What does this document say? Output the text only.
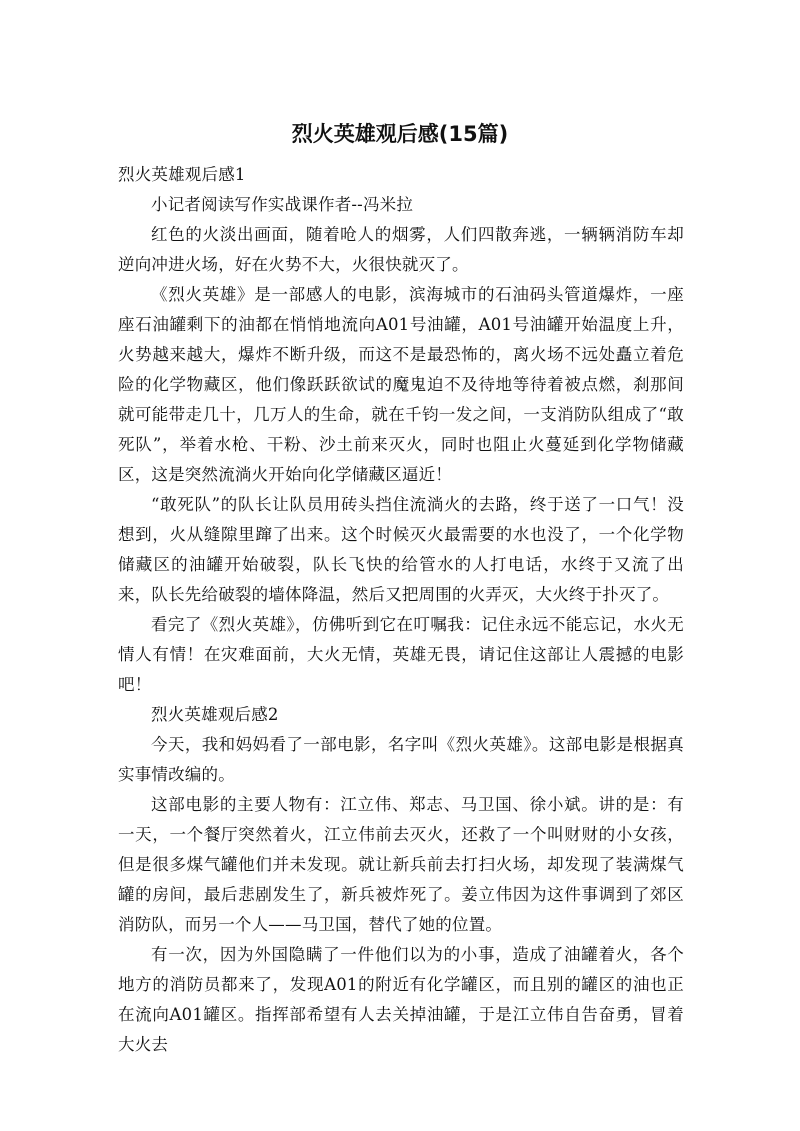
烈火英雄观后感(15篇)

烈火英雄观后感1

小记者阅读写作实战课作者--冯米拉

红色的火淡出画面，随着呛人的烟雾，人们四散奔逃，一辆辆消防车却逆向冲进火场，好在火势不大，火很快就灭了。

《烈火英雄》是一部感人的电影，滨海城市的石油码头管道爆炸，一座座石油罐剩下的油都在悄悄地流向A01号油罐，A01号油罐开始温度上升，火势越来越大，爆炸不断升级，而这不是最恐怖的，离火场不远处矗立着危险的化学物藏区，他们像跃跃欲试的魔鬼迫不及待地等待着被点燃，刹那间就可能带走几十，几万人的生命，就在千钧一发之间，一支消防队组成了“敢死队”，举着水枪、干粉、沙土前来灭火，同时也阻止火蔓延到化学物储藏区，这是突然流淌火开始向化学储藏区逼近！

“敢死队”的队长让队员用砖头挡住流淌火的去路，终于送了一口气！没想到，火从缝隙里蹿了出来。这个时候灭火最需要的水也没了，一个化学物储藏区的油罐开始破裂，队长飞快的给管水的人打电话，水终于又流了出来，队长先给破裂的墙体降温，然后又把周围的火弄灭，大火终于扑灭了。

看完了《烈火英雄》，仿佛听到它在叮嘱我：记住永远不能忘记，水火无情人有情！在灾难面前，大火无情，英雄无畏，请记住这部让人震撼的电影吧！

烈火英雄观后感2

今天，我和妈妈看了一部电影，名字叫《烈火英雄》。这部电影是根据真实事情改编的。

这部电影的主要人物有：江立伟、郑志、马卫国、徐小斌。讲的是：有一天，一个餐厅突然着火，江立伟前去灭火，还救了一个叫财财的小女孩，但是很多煤气罐他们并未发现。就让新兵前去打扫火场，却发现了装满煤气罐的房间，最后悲剧发生了，新兵被炸死了。姜立伟因为这件事调到了郊区消防队，而另一个人——马卫国，替代了她的位置。

有一次，因为外国隐瞒了一件他们以为的小事，造成了油罐着火，各个地方的消防员都来了，发现A01的附近有化学罐区，而且别的罐区的油也正在流向A01罐区。指挥部希望有人去关掉油罐，于是江立伟自告奋勇，冒着大火去
